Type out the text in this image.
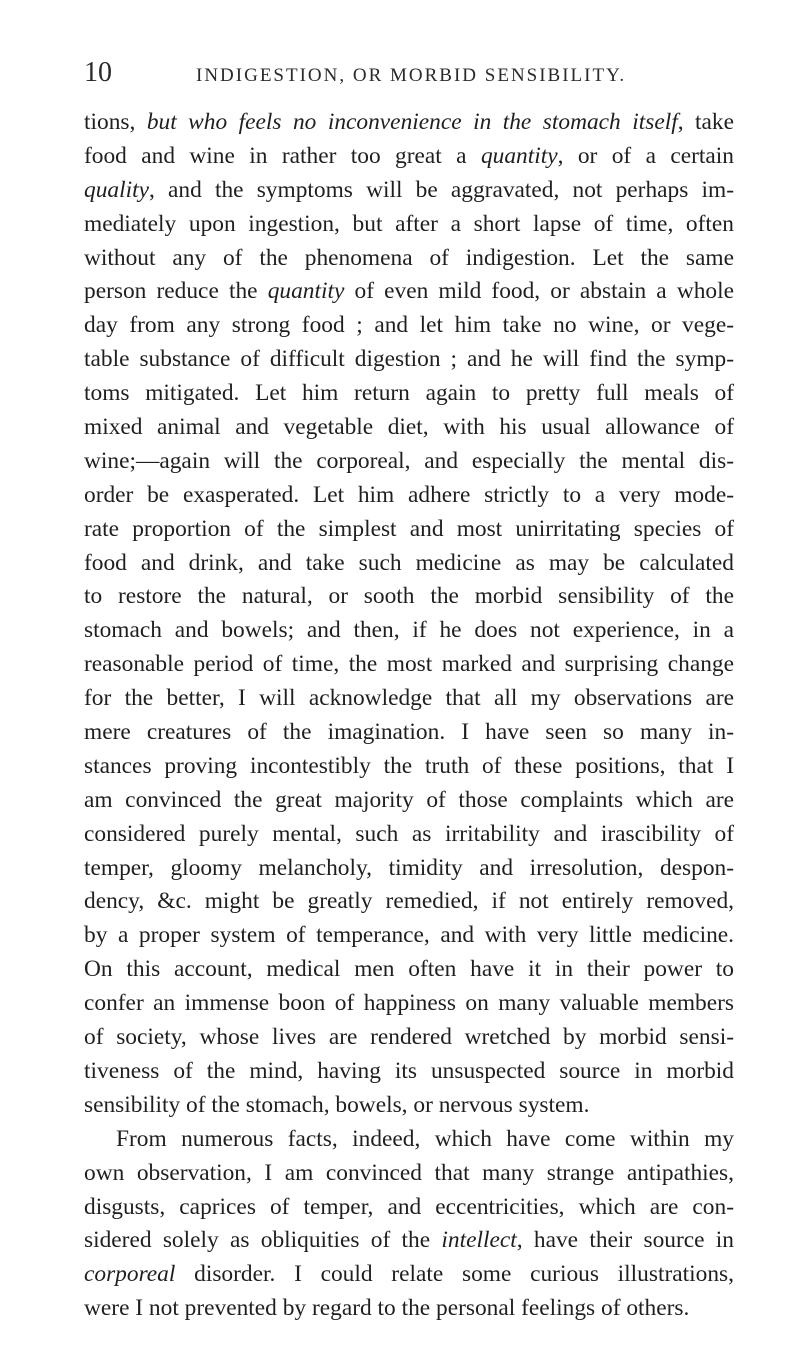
10	INDIGESTION, OR MORBID SENSIBILITY.
tions, but who feels no inconvenience in the stomach itself, take
food and wine in rather too great a quantity, or of a certain
quality, and the symptoms will be aggravated, not perhaps im-
mediately upon ingestion, but after a short lapse of time, often
without any of the phenomena of indigestion. Let the same
person reduce the quantity of even mild food, or abstain a whole
day from any strong food ; and let him take no wine, or vege-
table substance of difficult digestion ; and he will find the symp-
toms mitigated. Let him return again to pretty full meals of
mixed animal and vegetable diet, with his usual allowance of
wine;—again will the corporeal, and especially the mental dis-
order be exasperated. Let him adhere strictly to a very mode-
rate proportion of the simplest and most unirritating species of
food and drink, and take such medicine as may be calculated
to restore the natural, or sooth the morbid sensibility of the
stomach and bowels; and then, if he does not experience, in a
reasonable period of time, the most marked and surprising change
for the better, I will acknowledge that all my observations are
mere creatures of the imagination. I have seen so many in-
stances proving incontestibly the truth of these positions, that I
am convinced the great majority of those complaints which are
considered purely mental, such as irritability and irascibility of
temper, gloomy melancholy, timidity and irresolution, despon-
dency, &c. might be greatly remedied, if not entirely removed,
by a proper system of temperance, and with very little medicine.
On this account, medical men often have it in their power to
confer an immense boon of happiness on many valuable members
of society, whose lives are rendered wretched by morbid sensi-
tiveness of the mind, having its unsuspected source in morbid
sensibility of the stomach, bowels, or nervous system.
From numerous facts, indeed, which have come within my
own observation, I am convinced that many strange antipathies,
disgusts, caprices of temper, and eccentricities, which are con-
sidered solely as obliquities of the intellect, have their source in
corporeal disorder. I could relate some curious illustrations,
were I not prevented by regard to the personal feelings of others.
